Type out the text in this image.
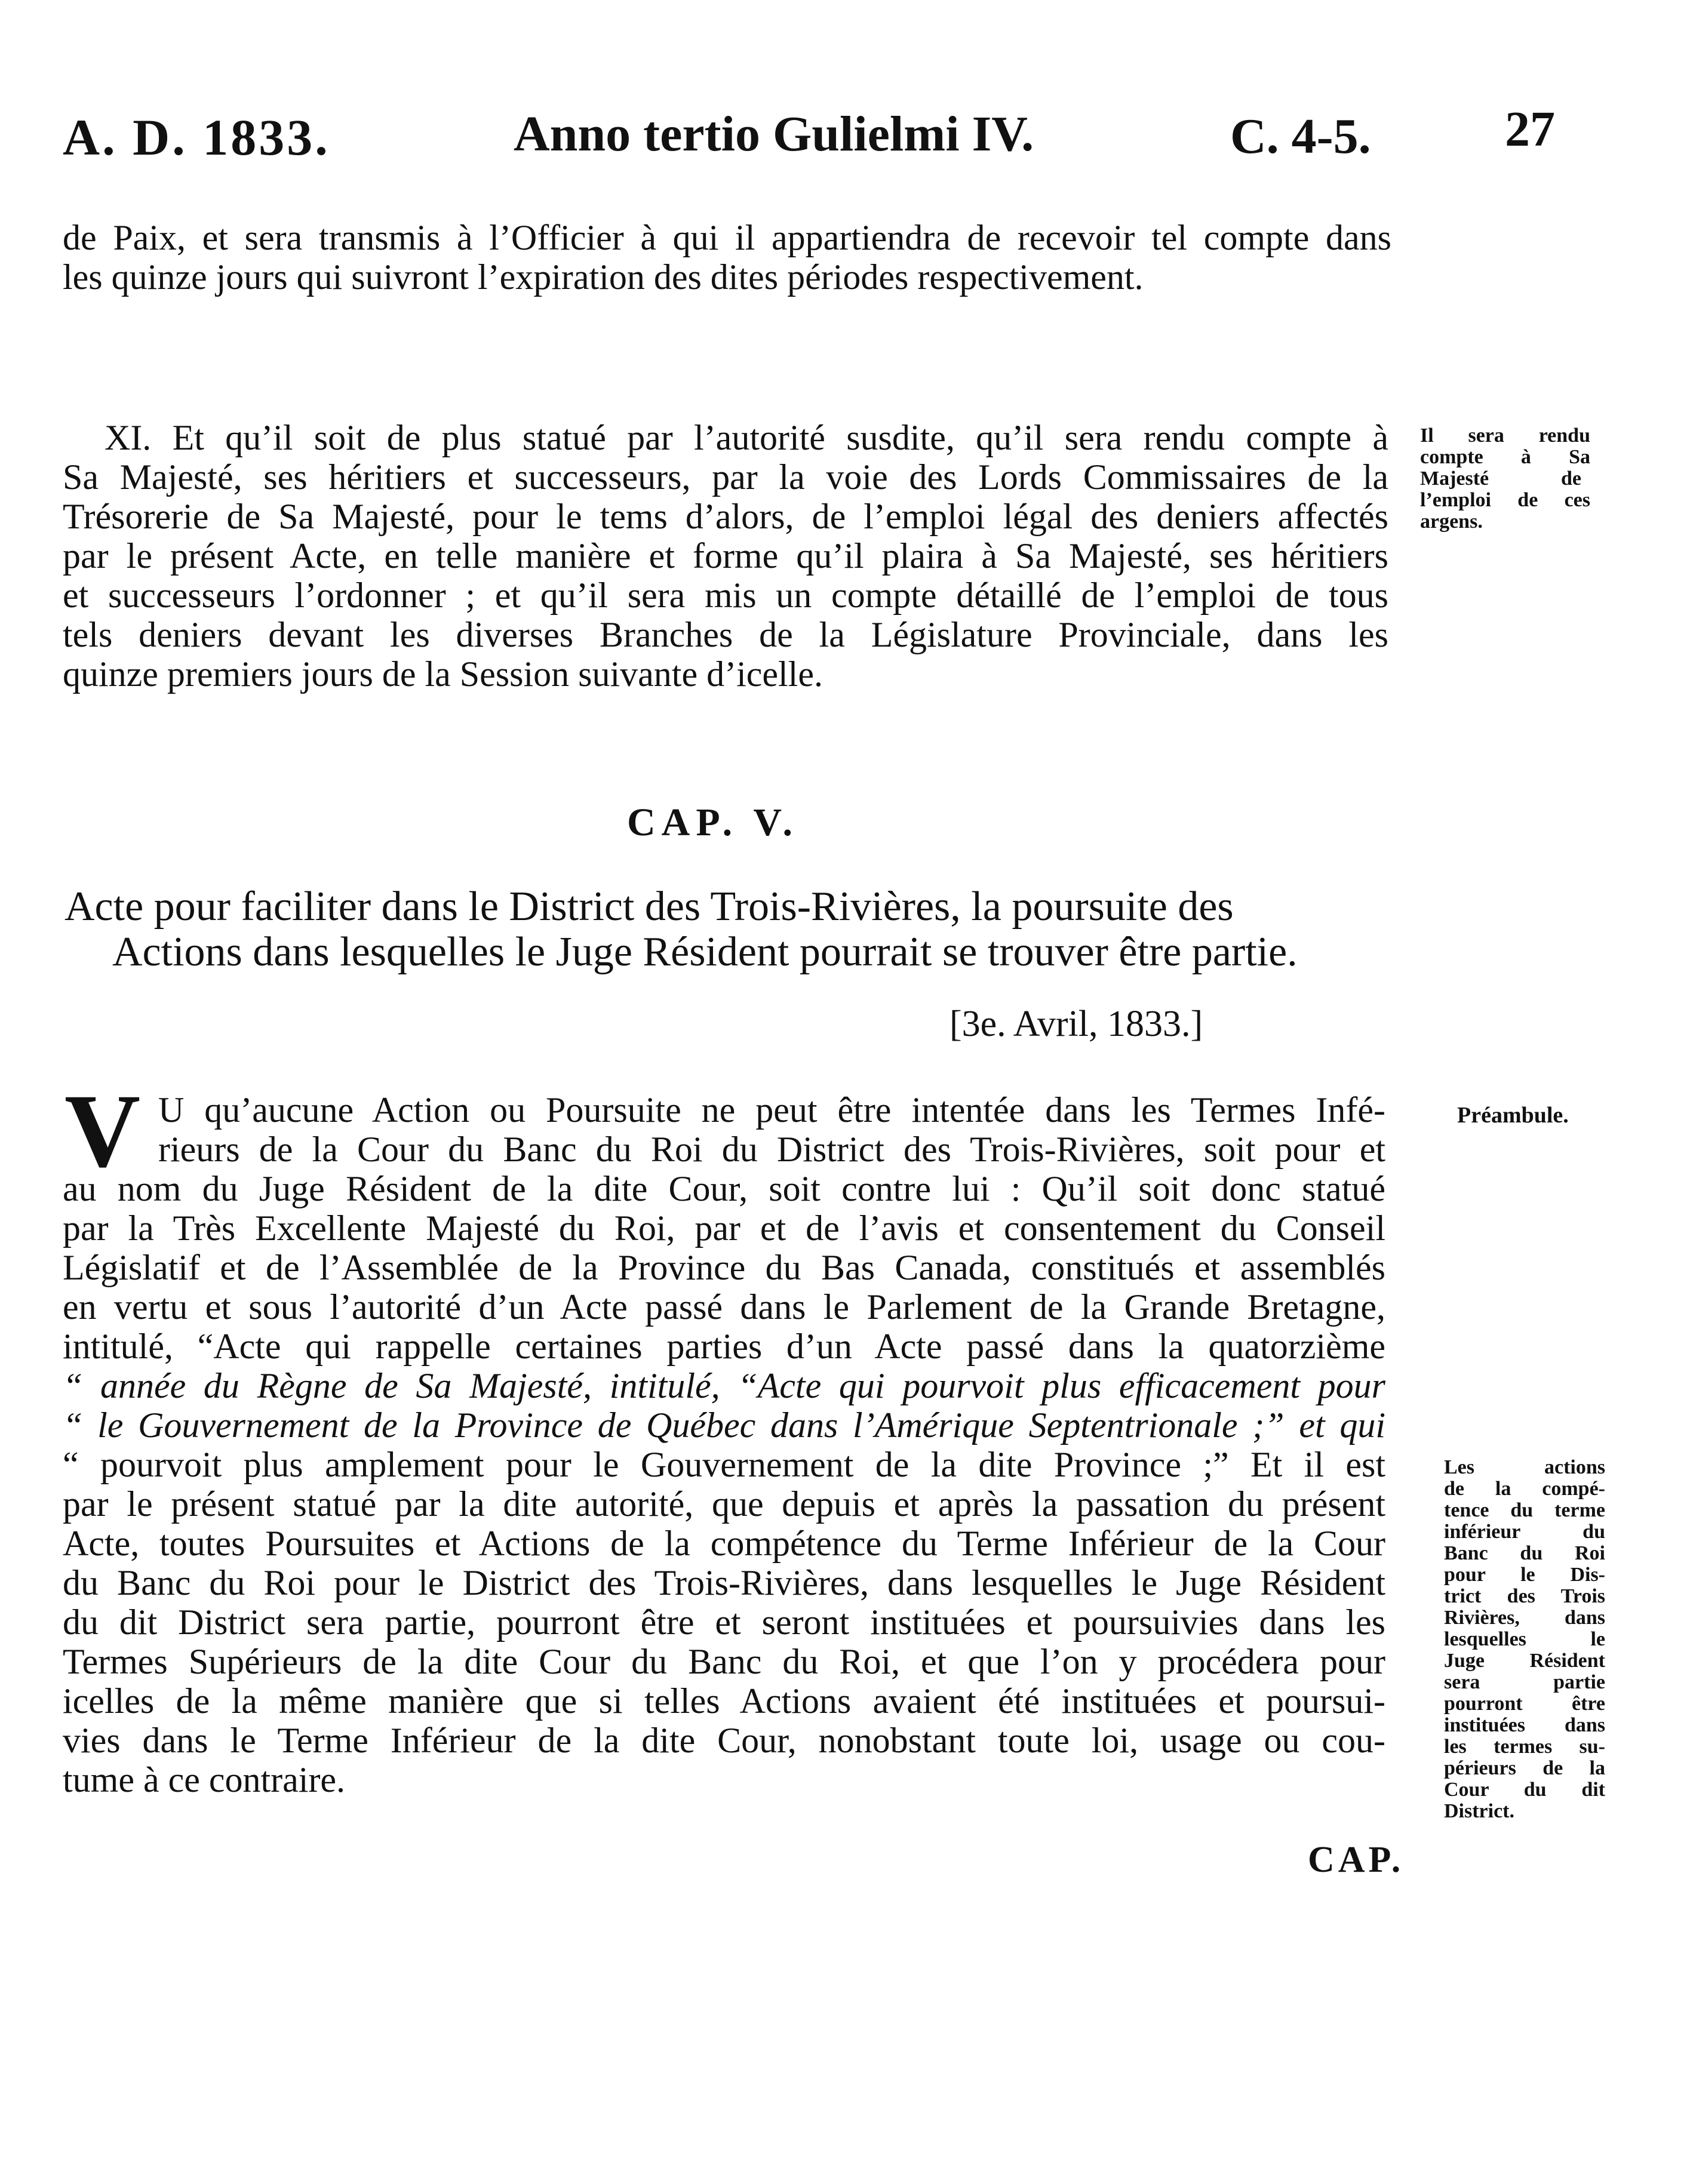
A. D. 1833.	Anno tertio Gulielmi IV.	C. 4-5.	27
de Paix, et sera transmis à l’Officier à qui il appartiendra de recevoir tel compte dans
les quinze jours qui suivront l’expiration des dites périodes respectivement.
XI. Et qu’il soit de plus statué par l’autorité susdite, qu’il sera rendu compte à
Sa Majesté, ses héritiers et successeurs, par la voie des Lords Commissaires de la
Trésorerie de Sa Majesté, pour le tems d’alors, de l’emploi légal des deniers affectés
par le présent Acte, en telle manière et forme qu’il plaira à Sa Majesté, ses héritiers
et successeurs l’ordonner ; et qu’il sera mis un compte détaillé de l’emploi de tous
tels deniers devant les diverses Branches de la Législature Provinciale, dans les
quinze premiers jours de la Session suivante d’icelle.
Il sera rendu
compte à Sa
Majesté de
l’emploi de ces
argens.
CAP. V.
Acte pour faciliter dans le District des Trois-Rivières, la poursuite des
Actions dans lesquelles le Juge Résident pourrait se trouver être partie.
[3e. Avril, 1833.]
V U qu’aucune Action ou Poursuite ne peut être intentée dans les Termes Infé-
rieurs de la Cour du Banc du Roi du District des Trois-Rivières, soit pour et
au nom du Juge Résident de la dite Cour, soit contre lui : Qu’il soit donc statué
par la Très Excellente Majesté du Roi, par et de l’avis et consentement du Conseil
Législatif et de l’Assemblée de la Province du Bas Canada, constitués et assemblés
en vertu et sous l’autorité d’un Acte passé dans le Parlement de la Grande Bretagne,
intitulé, “Acte qui rappelle certaines parties d’un Acte passé dans la quatorzième
“ année du Règne de Sa Majesté, intitulé, “Acte qui pourvoit plus efficacement pour
“ le Gouvernement de la Province de Québec dans l’Amérique Septentrionale ;” et qui
“ pourvoit plus amplement pour le Gouvernement de la dite Province ;” Et il est
par le présent statué par la dite autorité, que depuis et après la passation du présent
Acte, toutes Poursuites et Actions de la compétence du Terme Inférieur de la Cour
du Banc du Roi pour le District des Trois-Rivières, dans lesquelles le Juge Résident
du dit District sera partie, pourront être et seront instituées et poursuivies dans les
Termes Supérieurs de la dite Cour du Banc du Roi, et que l’on y procédera pour
icelles de la même manière que si telles Actions avaient été instituées et poursui-
vies dans le Terme Inférieur de la dite Cour, nonobstant toute loi, usage ou cou-
tume à ce contraire.
Préambule.
Les actions
de la compé-
tence du terme
inférieur du
Banc du Roi
pour le Dis-
trict des Trois
Rivières, dans
lesquelles le
Juge Résident
sera partie
pourront être
instituées dans
les termes su-
périeurs de la
Cour du dit
District.
CAP.
